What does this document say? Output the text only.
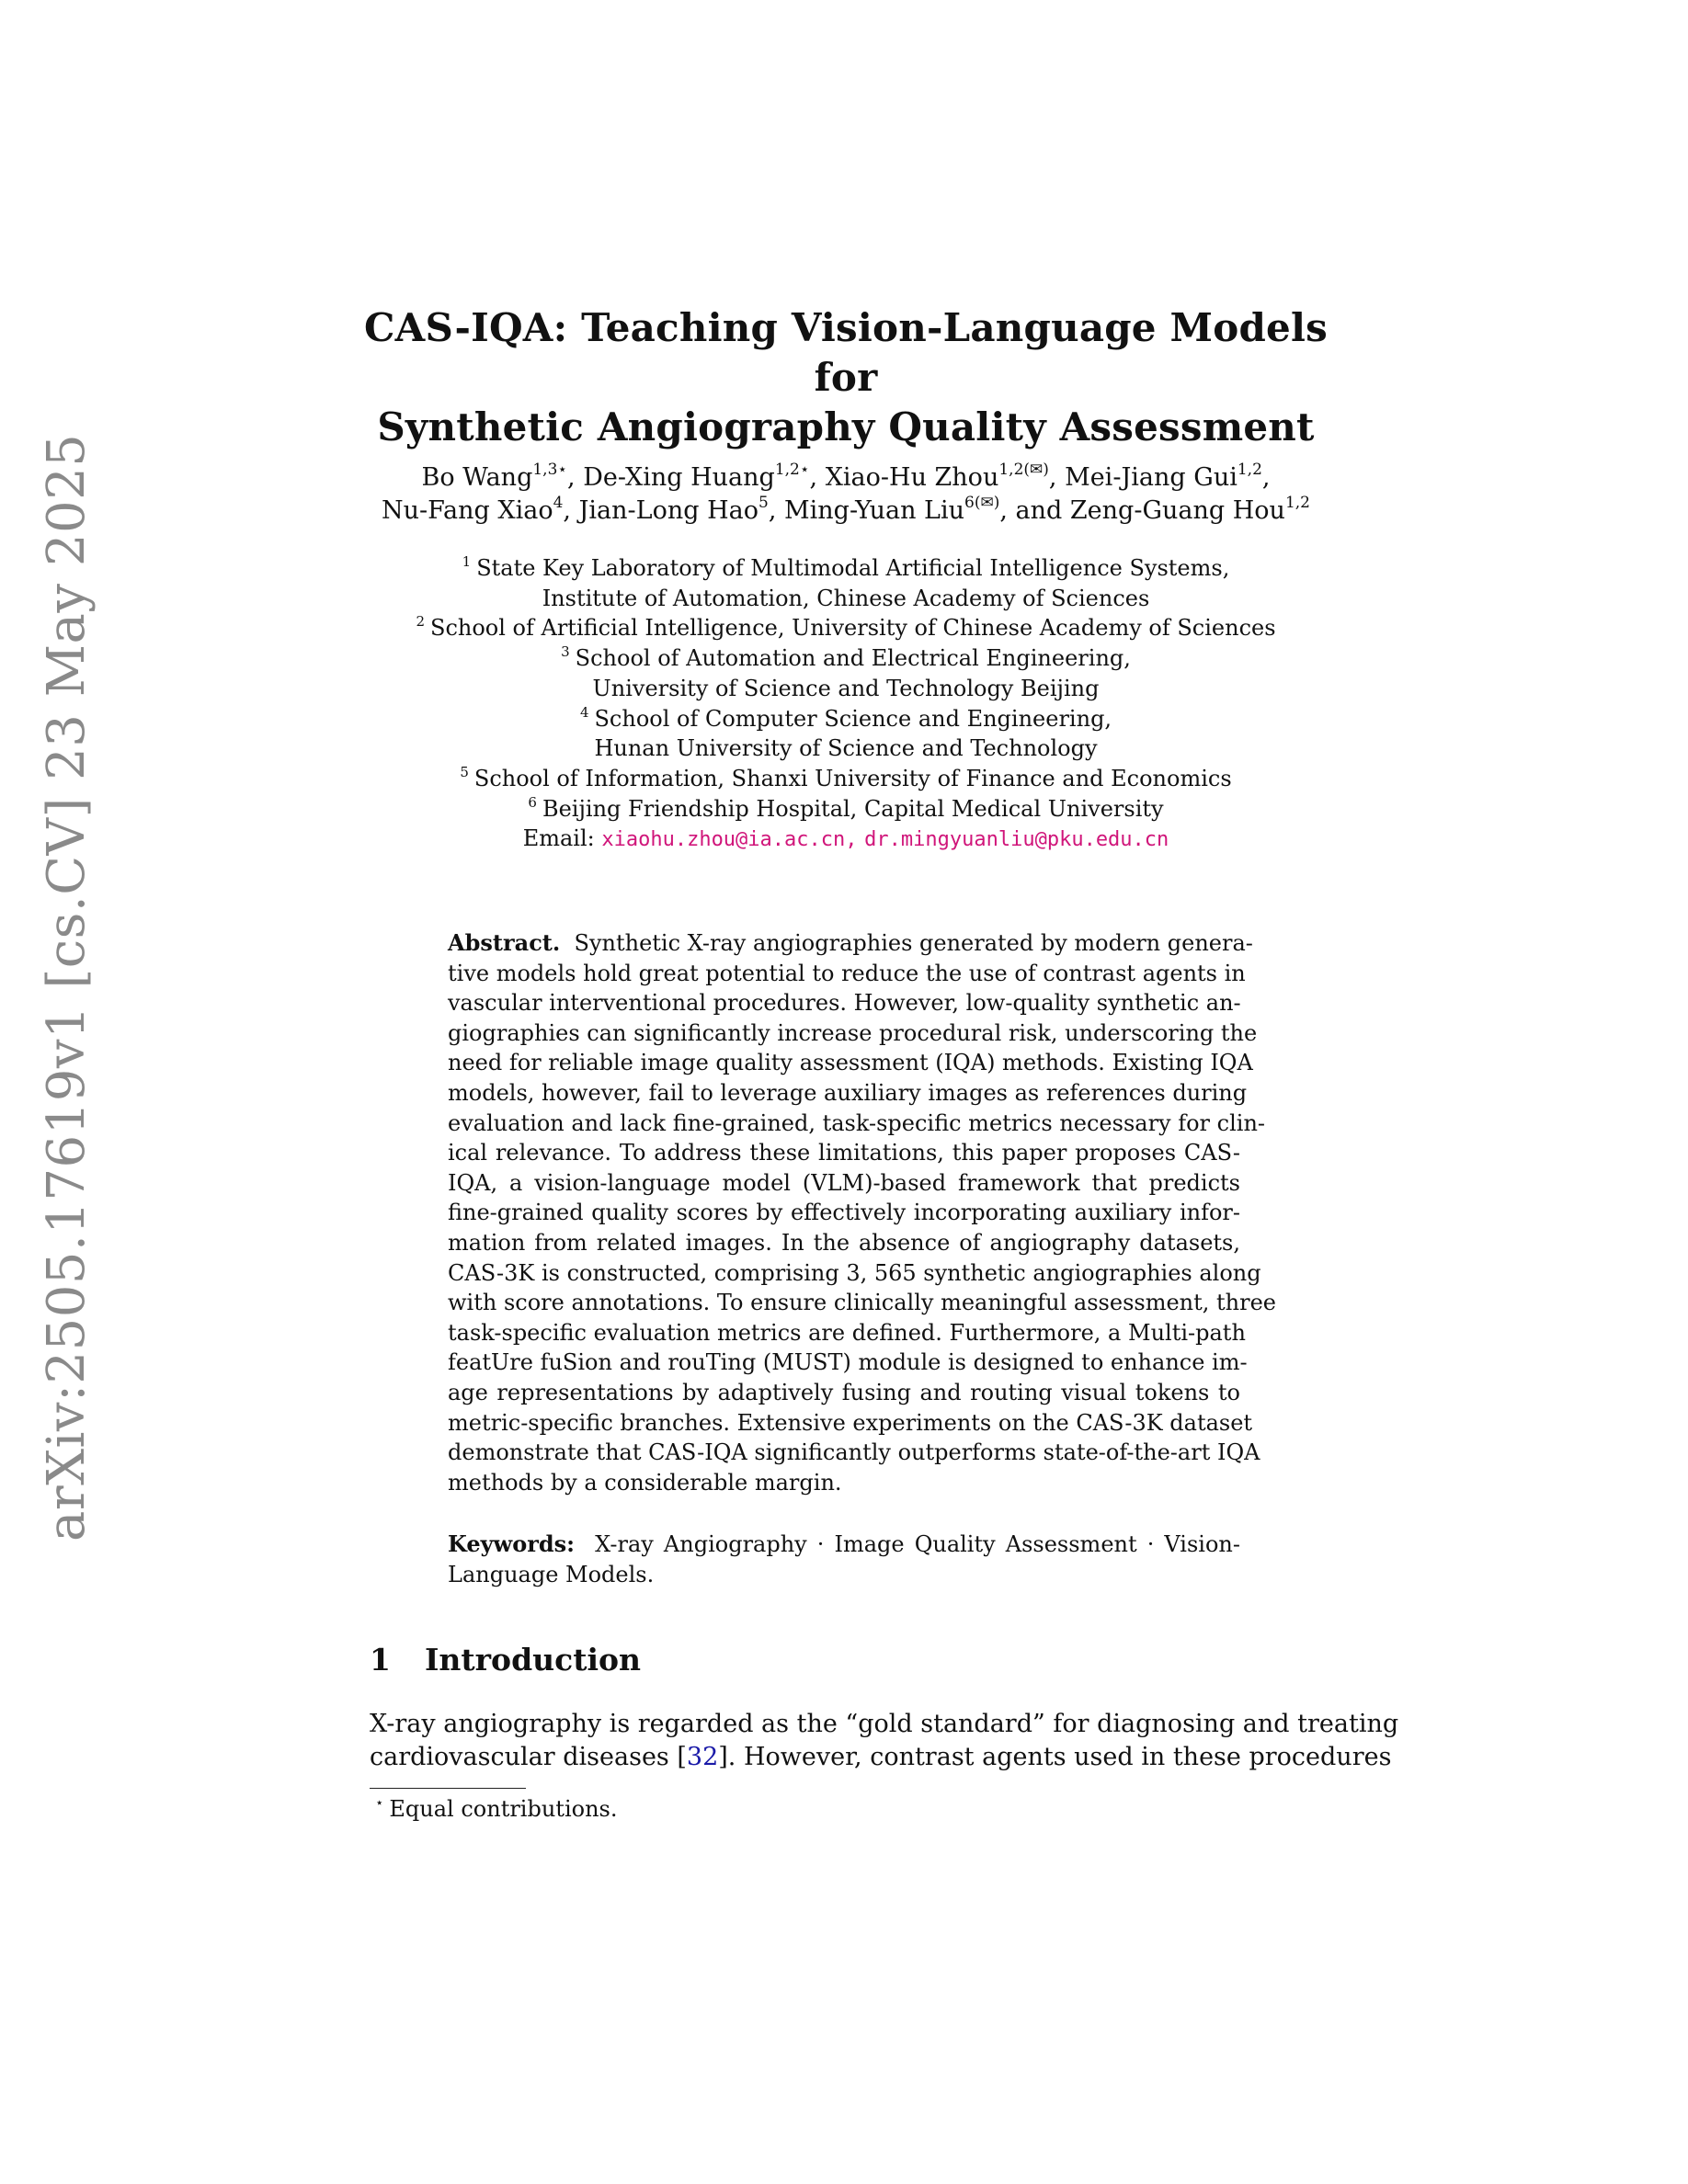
arXiv:2505.17619v1 [cs.CV] 23 May 2025
CAS-IQA: Teaching Vision-Language Models for
Synthetic Angiography Quality Assessment
Bo Wang$^{1,3⋆}$, De-Xing Huang$^{1,2⋆}$, Xiao-Hu Zhou$^{1,2(✉)}$, Mei-Jiang Gui$^{1,2}$,
Nu-Fang Xiao$^4$, Jian-Long Hao$^5$, Ming-Yuan Liu$^{6(✉)}$, and Zeng-Guang Hou$^{1,2}$
$^1$ State Key Laboratory of Multimodal Artificial Intelligence Systems,
Institute of Automation, Chinese Academy of Sciences
$^2$ School of Artificial Intelligence, University of Chinese Academy of Sciences
$^3$ School of Automation and Electrical Engineering,
University of Science and Technology Beijing
$^4$ School of Computer Science and Engineering,
Hunan University of Science and Technology
$^5$ School of Information, Shanxi University of Finance and Economics
$^6$ Beijing Friendship Hospital, Capital Medical University
Email: xiaohu.zhou@ia.ac.cn, dr.mingyuanliu@pku.edu.cn
Abstract. Synthetic X-ray angiographies generated by modern genera-
tive models hold great potential to reduce the use of contrast agents in
vascular interventional procedures. However, low-quality synthetic an-
giographies can significantly increase procedural risk, underscoring the
need for reliable image quality assessment (IQA) methods. Existing IQA
models, however, fail to leverage auxiliary images as references during
evaluation and lack fine-grained, task-specific metrics necessary for clin-
ical relevance. To address these limitations, this paper proposes CAS-
IQA, a vision-language model (VLM)-based framework that predicts
fine-grained quality scores by effectively incorporating auxiliary infor-
mation from related images. In the absence of angiography datasets,
CAS-3K is constructed, comprising 3, 565 synthetic angiographies along
with score annotations. To ensure clinically meaningful assessment, three
task-specific evaluation metrics are defined. Furthermore, a Multi-path
featUre fuSion and rouTing (MUST) module is designed to enhance im-
age representations by adaptively fusing and routing visual tokens to
metric-specific branches. Extensive experiments on the CAS-3K dataset
demonstrate that CAS-IQA significantly outperforms state-of-the-art IQA
methods by a considerable margin.
Keywords: X-ray Angiography · Image Quality Assessment · Vision-
Language Models.
1 Introduction
X-ray angiography is regarded as the “gold standard” for diagnosing and treating
cardiovascular diseases [32]. However, contrast agents used in these procedures
⋆ Equal contributions.
